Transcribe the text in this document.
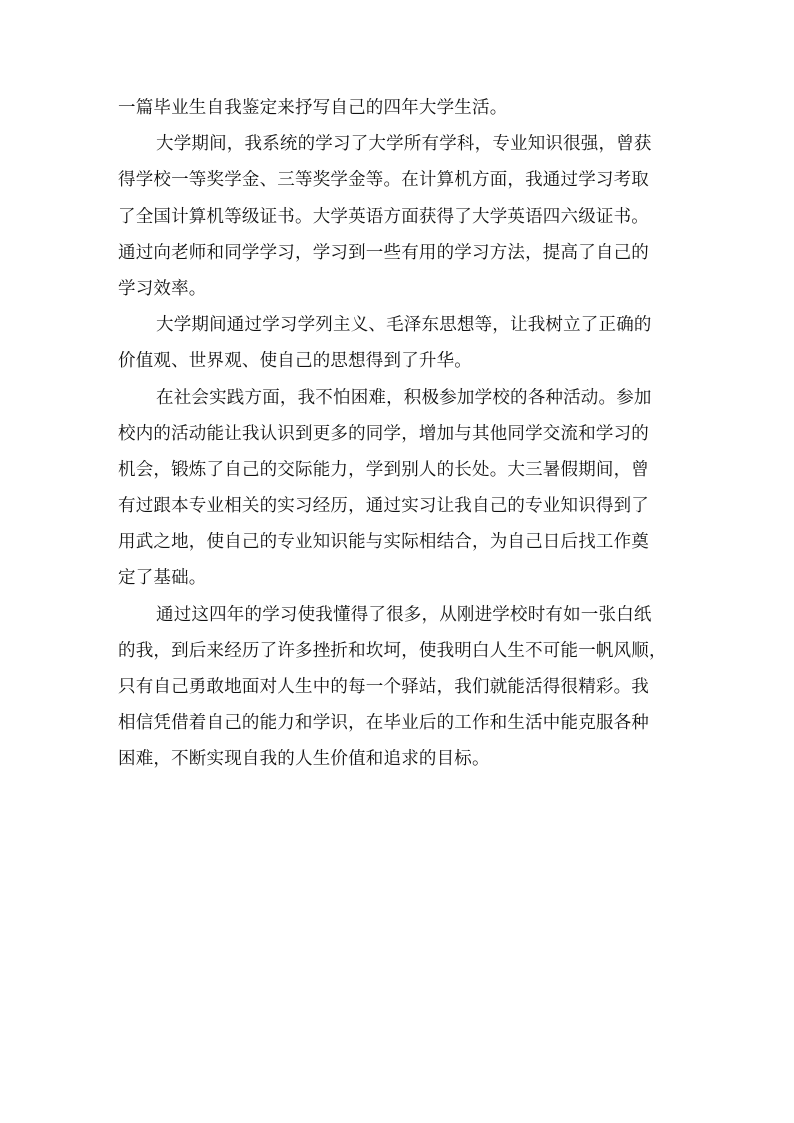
一篇毕业生自我鉴定来抒写自己的四年大学生活。
大学期间，我系统的学习了大学所有学科，专业知识很强，曾获
得学校一等奖学金、三等奖学金等。在计算机方面，我通过学习考取
了全国计算机等级证书。大学英语方面获得了大学英语四六级证书。
通过向老师和同学学习，学习到一些有用的学习方法，提高了自己的
学习效率。
大学期间通过学习学列主义、毛泽东思想等，让我树立了正确的
价值观、世界观、使自己的思想得到了升华。
在社会实践方面，我不怕困难，积极参加学校的各种活动。参加
校内的活动能让我认识到更多的同学，增加与其他同学交流和学习的
机会，锻炼了自己的交际能力，学到别人的长处。大三暑假期间，曾
有过跟本专业相关的实习经历，通过实习让我自己的专业知识得到了
用武之地，使自己的专业知识能与实际相结合，为自己日后找工作奠
定了基础。
通过这四年的学习使我懂得了很多，从刚进学校时有如一张白纸
的我，到后来经历了许多挫折和坎坷，使我明白人生不可能一帆风顺，
只有自己勇敢地面对人生中的每一个驿站，我们就能活得很精彩。我
相信凭借着自己的能力和学识，在毕业后的工作和生活中能克服各种
困难，不断实现自我的人生价值和追求的目标。
